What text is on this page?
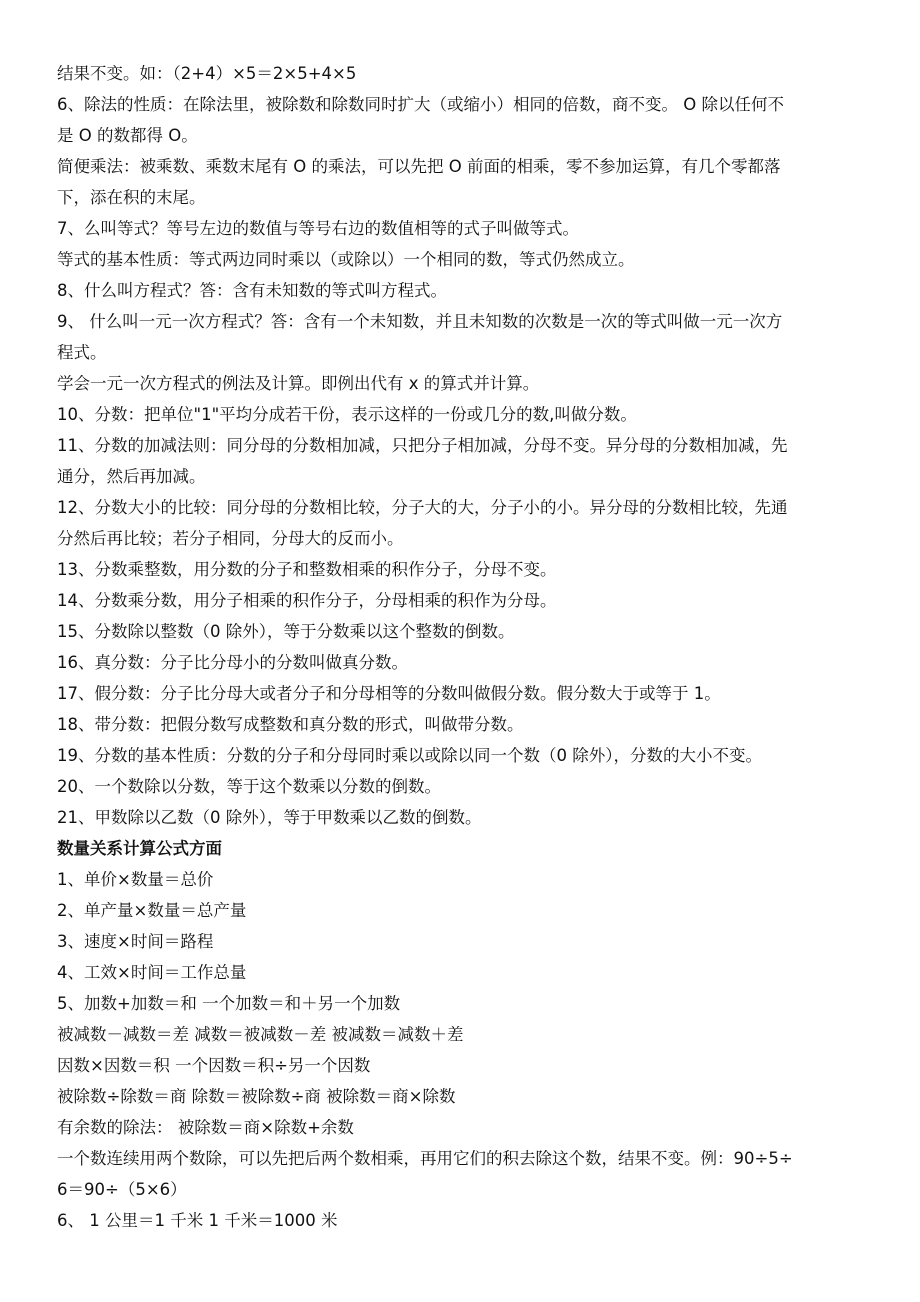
结果不变。如：（2+4）×5＝2×5+4×5
6、除法的性质：在除法里，被除数和除数同时扩大（或缩小）相同的倍数，商不变。 O 除以任何不
是 O 的数都得 O。
简便乘法：被乘数、乘数末尾有 O 的乘法，可以先把 O 前面的相乘，零不参加运算，有几个零都落
下，添在积的末尾。
7、么叫等式？等号左边的数值与等号右边的数值相等的式子叫做等式。
等式的基本性质：等式两边同时乘以（或除以）一个相同的数，等式仍然成立。
8、什么叫方程式？答：含有未知数的等式叫方程式。
9、 什么叫一元一次方程式？答：含有一个未知数，并且未知数的次数是一次的等式叫做一元一次方
程式。
学会一元一次方程式的例法及计算。即例出代有 x 的算式并计算。
10、分数：把单位"1"平均分成若干份，表示这样的一份或几分的数,叫做分数。
11、分数的加减法则：同分母的分数相加减，只把分子相加减，分母不变。异分母的分数相加减，先
通分，然后再加减。
12、分数大小的比较：同分母的分数相比较，分子大的大，分子小的小。异分母的分数相比较，先通
分然后再比较；若分子相同，分母大的反而小。
13、分数乘整数，用分数的分子和整数相乘的积作分子，分母不变。
14、分数乘分数，用分子相乘的积作分子，分母相乘的积作为分母。
15、分数除以整数（0 除外），等于分数乘以这个整数的倒数。
16、真分数：分子比分母小的分数叫做真分数。
17、假分数：分子比分母大或者分子和分母相等的分数叫做假分数。假分数大于或等于 1。
18、带分数：把假分数写成整数和真分数的形式，叫做带分数。
19、分数的基本性质：分数的分子和分母同时乘以或除以同一个数（0 除外），分数的大小不变。
20、一个数除以分数，等于这个数乘以分数的倒数。
21、甲数除以乙数（0 除外），等于甲数乘以乙数的倒数。
数量关系计算公式方面
1、单价×数量＝总价
2、单产量×数量＝总产量
3、速度×时间＝路程
4、工效×时间＝工作总量
5、加数+加数＝和 一个加数＝和＋另一个加数
被减数－减数＝差 减数＝被减数－差 被减数＝减数＋差
因数×因数＝积 一个因数＝积÷另一个因数
被除数÷除数＝商 除数＝被除数÷商 被除数＝商×除数
有余数的除法： 被除数＝商×除数+余数
一个数连续用两个数除，可以先把后两个数相乘，再用它们的积去除这个数，结果不变。例：90÷5÷
6＝90÷（5×6）
6、 1 公里＝1 千米 1 千米＝1000 米
